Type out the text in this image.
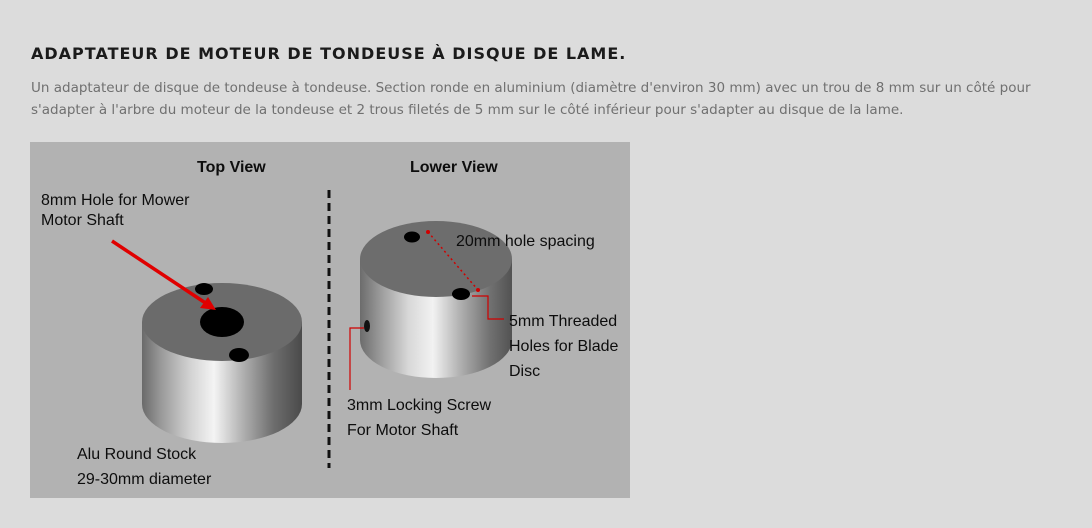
ADAPTATEUR DE MOTEUR DE TONDEUSE À DISQUE DE LAME.

Un adaptateur de disque de tondeuse à tondeuse. Section ronde en aluminium (diamètre d'environ 30 mm) avec un trou de 8 mm sur un côté pour s'adapter à l'arbre du moteur de la tondeuse et 2 trous filetés de 5 mm sur le côté inférieur pour s'adapter au disque de la lame.

Top View	Lower View
8mm Hole for Mower
Motor Shaft
Alu Round Stock
29-30mm diameter
20mm hole spacing
5mm Threaded
Holes for Blade
Disc
3mm Locking Screw
For Motor Shaft
